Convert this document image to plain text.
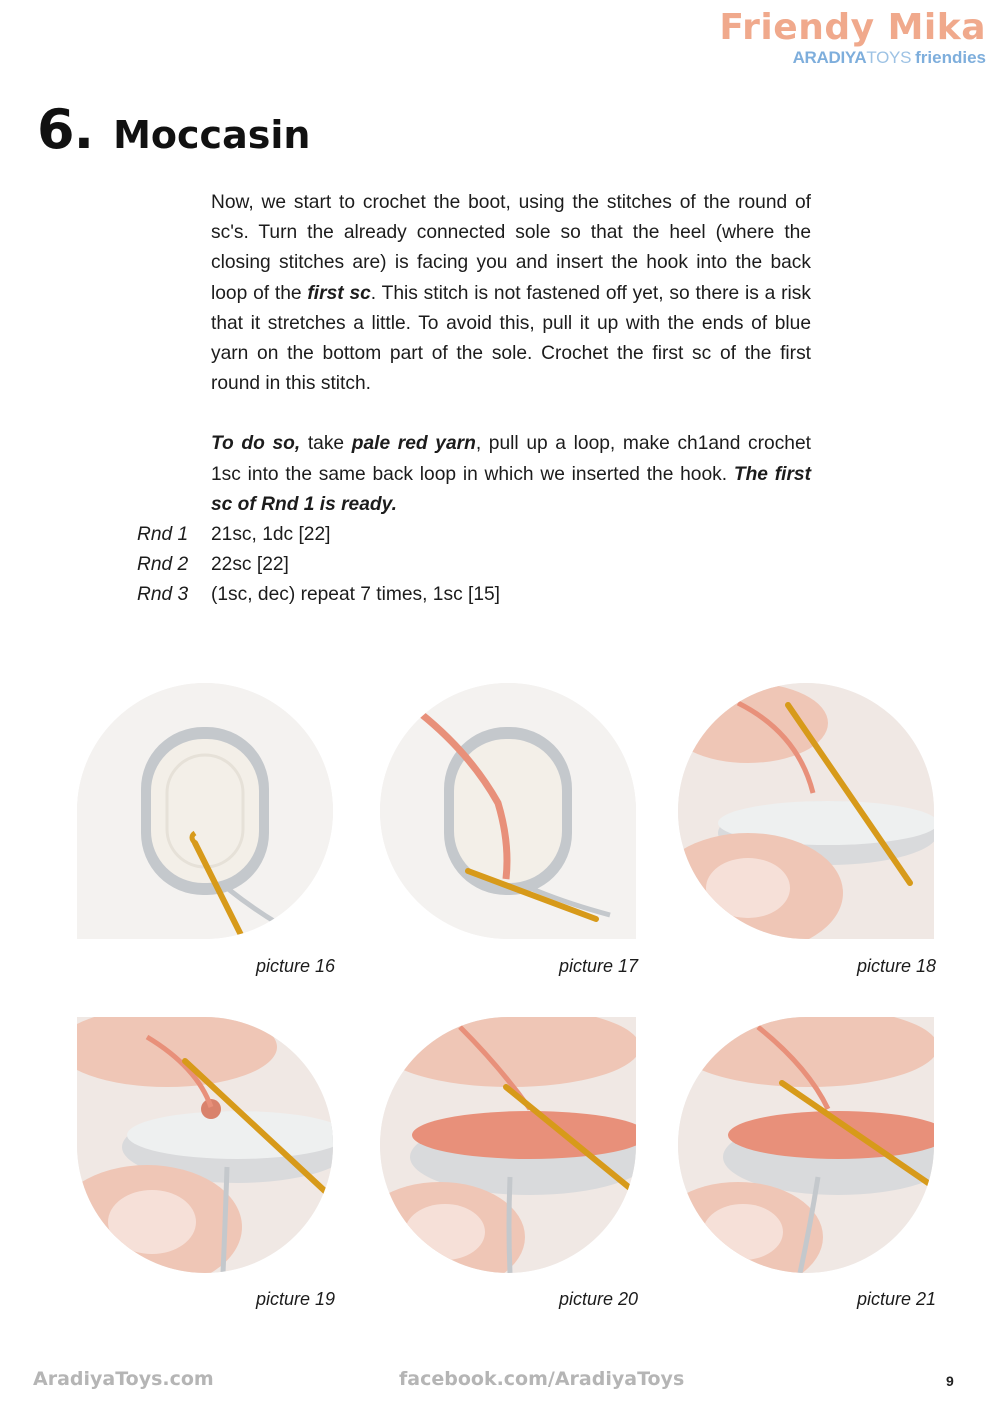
Friendy Mika
ARADIYATOYS friendies
6. Moccasin

Now, we start to crochet the boot, using the stitches of the round of sc's. Turn the already connected sole so that the heel (where the closing stitches are) is facing you and insert the hook into the back loop of the first sc. This stitch is not fastened off yet, so there is a risk that it stretches a little. To avoid this, pull it up with the ends of blue yarn on the bottom part of the sole. Crochet the first sc of the first round in this stitch.

To do so, take pale red yarn, pull up a loop, make ch1and crochet 1sc into the same back loop in which we inserted the hook. The first sc of Rnd 1 is ready.

Rnd 1	21sc, 1dc [22]
Rnd 2	22sc [22]
Rnd 3	(1sc, dec) repeat 7 times, 1sc [15]
picture 16	picture 17	picture 18
picture 19	picture 20	picture 21
AradiyaToys.com	facebook.com/AradiyaToys	9
